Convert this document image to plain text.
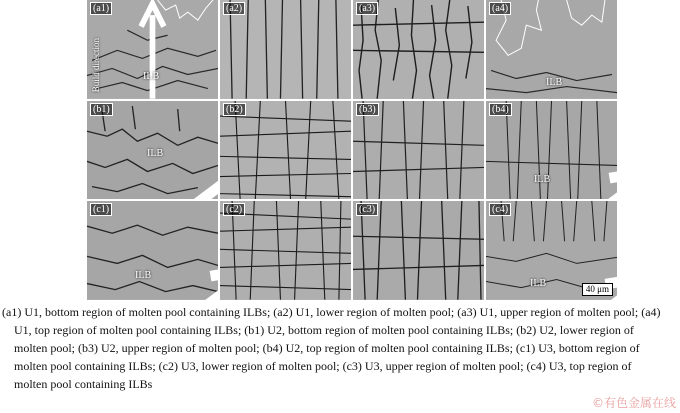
(a1)
Build direction	ILB
(a2)	(a3)	(a4)
ILB
(b1)
ILB
(b2)	(b3)	(b4)
ILB
(c1)
ILB
(c2)	(c3)	(c4)
ILB	40 μm
(a1) U1, bottom region of molten pool containing ILBs; (a2) U1, lower region of molten pool; (a3) U1, upper region of molten pool; (a4)
U1, top region of molten pool containing ILBs; (b1) U2, bottom region of molten pool containing ILBs; (b2) U2, lower region of
molten pool; (b3) U2, upper region of molten pool; (b4) U2, top region of molten pool containing ILBs; (c1) U3, bottom region of
molten pool containing ILBs; (c2) U3, lower region of molten pool; (c3) U3, upper region of molten pool; (c4) U3, top region of
molten pool containing ILBs
©有色金属在线
